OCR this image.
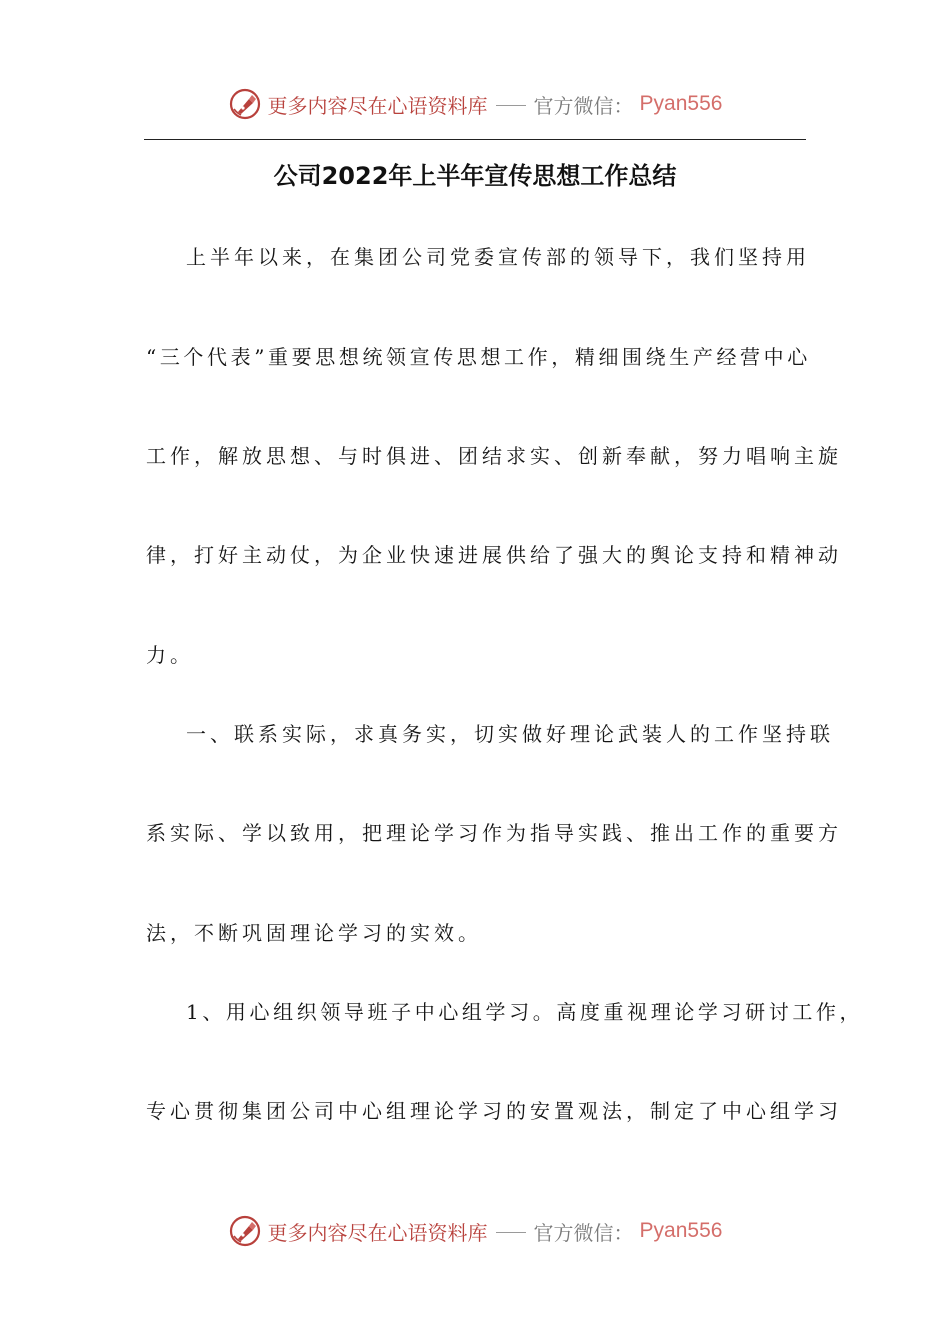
更多内容尽在心语资料库 官方微信： Pyan556
公司2022年上半年宣传思想工作总结
上半年以来，在集团公司党委宣传部的领导下，我们坚持用
“三个代表”重要思想统领宣传思想工作，精细围绕生产经营中心
工作，解放思想、与时俱进、团结求实、创新奉献，努力唱响主旋
律，打好主动仗，为企业快速进展供给了强大的舆论支持和精神动
力。
一、联系实际，求真务实，切实做好理论武装人的工作坚持联
系实际、学以致用，把理论学习作为指导实践、推出工作的重要方
法，不断巩固理论学习的实效。
1、用心组织领导班子中心组学习。高度重视理论学习研讨工作，
专心贯彻集团公司中心组理论学习的安置观法，制定了中心组学习
更多内容尽在心语资料库 官方微信： Pyan556
